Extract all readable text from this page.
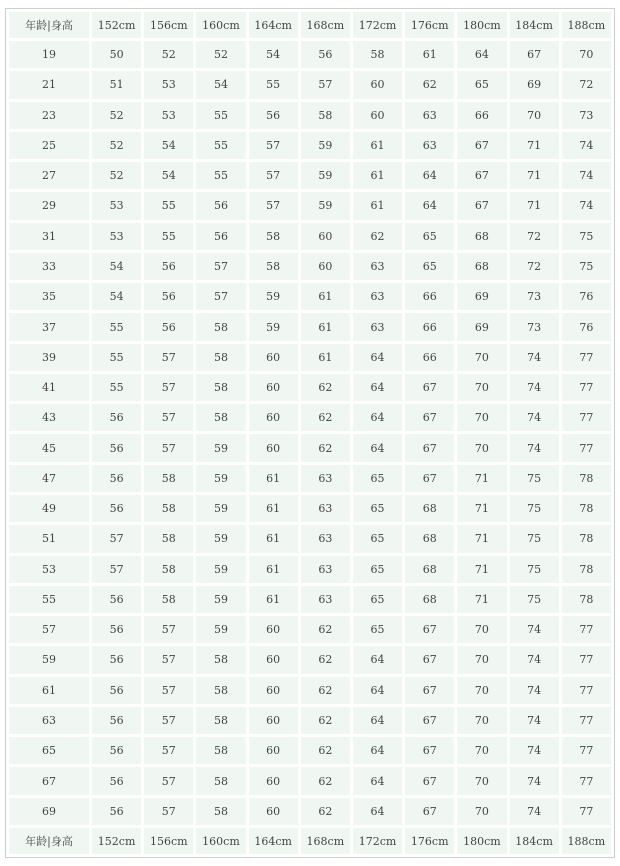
年龄|身高	152cm	156cm	160cm	164cm	168cm	172cm	176cm	180cm	184cm	188cm
19	50	52	52	54	56	58	61	64	67	70
21	51	53	54	55	57	60	62	65	69	72
23	52	53	55	56	58	60	63	66	70	73
25	52	54	55	57	59	61	63	67	71	74
27	52	54	55	57	59	61	64	67	71	74
29	53	55	56	57	59	61	64	67	71	74
31	53	55	56	58	60	62	65	68	72	75
33	54	56	57	58	60	63	65	68	72	75
35	54	56	57	59	61	63	66	69	73	76
37	55	56	58	59	61	63	66	69	73	76
39	55	57	58	60	61	64	66	70	74	77
41	55	57	58	60	62	64	67	70	74	77
43	56	57	58	60	62	64	67	70	74	77
45	56	57	59	60	62	64	67	70	74	77
47	56	58	59	61	63	65	67	71	75	78
49	56	58	59	61	63	65	68	71	75	78
51	57	58	59	61	63	65	68	71	75	78
53	57	58	59	61	63	65	68	71	75	78
55	56	58	59	61	63	65	68	71	75	78
57	56	57	59	60	62	65	67	70	74	77
59	56	57	58	60	62	64	67	70	74	77
61	56	57	58	60	62	64	67	70	74	77
63	56	57	58	60	62	64	67	70	74	77
65	56	57	58	60	62	64	67	70	74	77
67	56	57	58	60	62	64	67	70	74	77
69	56	57	58	60	62	64	67	70	74	77
年龄|身高	152cm	156cm	160cm	164cm	168cm	172cm	176cm	180cm	184cm	188cm
